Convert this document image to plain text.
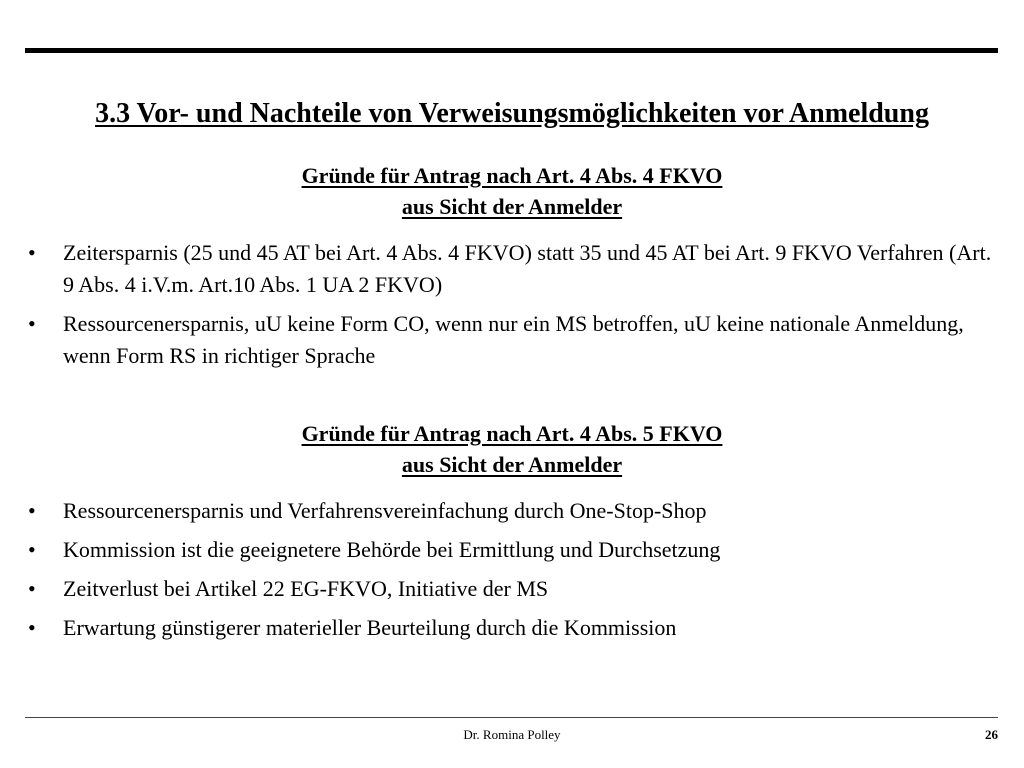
3.3 Vor- und Nachteile von Verweisungsmöglichkeiten vor Anmeldung
Gründe für Antrag nach Art. 4 Abs. 4 FKVO
aus Sicht der Anmelder
•	Zeitersparnis (25 und 45 AT bei Art. 4 Abs. 4 FKVO) statt 35 und 45 AT bei Art. 9 FKVO Verfahren (Art. 9 Abs. 4 i.V.m. Art.10 Abs. 1 UA 2 FKVO)
•	Ressourcenersparnis, uU keine Form CO, wenn nur ein MS betroffen, uU keine nationale Anmeldung, wenn Form RS in richtiger Sprache
Gründe für Antrag nach Art. 4 Abs. 5 FKVO
aus Sicht der Anmelder
•	Ressourcenersparnis und Verfahrensvereinfachung durch One-Stop-Shop
•	Kommission ist die geeignetere Behörde bei Ermittlung und Durchsetzung
•	Zeitverlust bei Artikel 22 EG-FKVO, Initiative der MS
•	Erwartung günstigerer materieller Beurteilung durch die Kommission
Dr. Romina Polley	26
